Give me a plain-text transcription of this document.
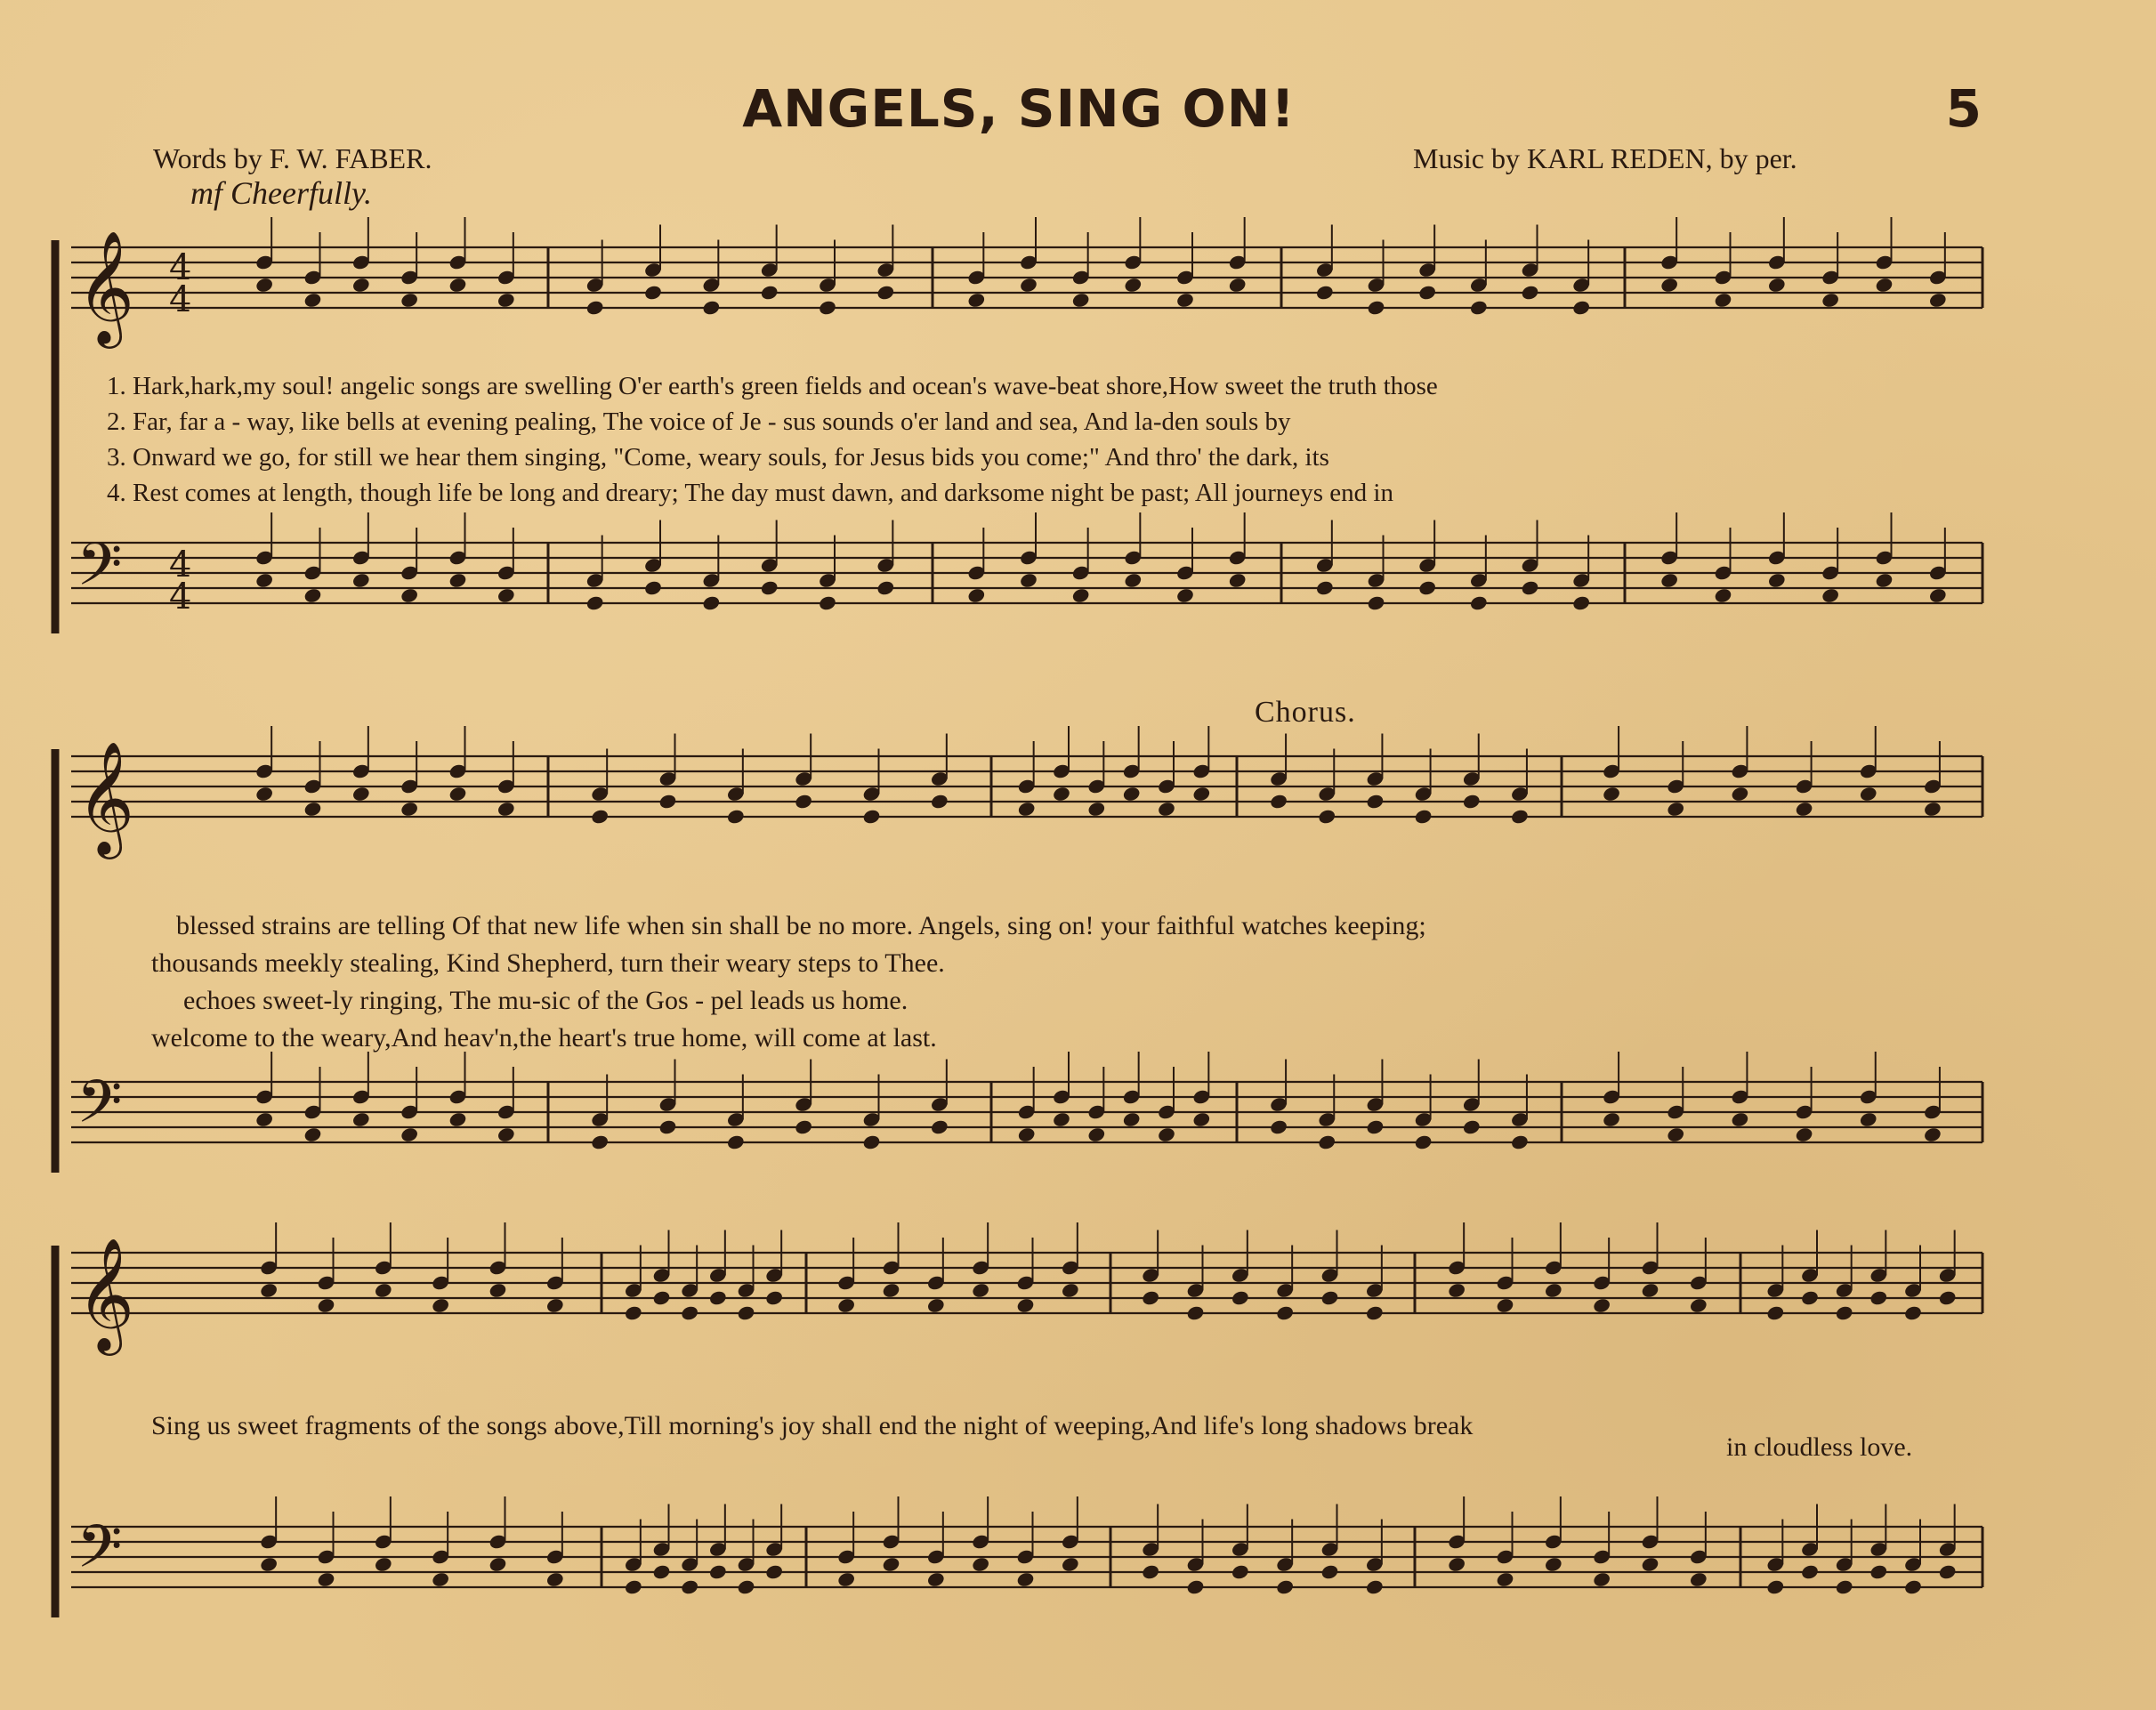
ANGELS, SING ON!	5
Words by F. W. FABER.	Music by KARL REDEN, by per.
mf Cheerfully.
Chorus.
𝄞
𝄢
4
4
4
4
𝄞
𝄢
𝄞
𝄢
1. Hark,hark,my soul! angelic songs are swelling O'er earth's green fields and ocean's wave-beat shore,How sweet the truth those
2. Far, far a - way, like bells at evening pealing, The voice of Je - sus sounds o'er land and sea, And la-den souls by
3. Onward we go, for still we hear them singing, "Come, weary souls, for Jesus bids you come;" And thro' the dark, its
4. Rest comes at length, though life be long and dreary; The day must dawn, and darksome night be past; All journeys end in
blessed strains are telling Of that new life when sin shall be no more. Angels, sing on! your faithful watches keeping;
thousands meekly stealing, Kind Shepherd, turn their weary steps to Thee.
echoes sweet-ly ringing, The mu-sic of the Gos - pel leads us home.
welcome to the weary,And heav'n,the heart's true home, will come at last.
Sing us sweet fragments of the songs above,Till morning's joy shall end the night of weeping,And life's long shadows break
in cloudless love.
